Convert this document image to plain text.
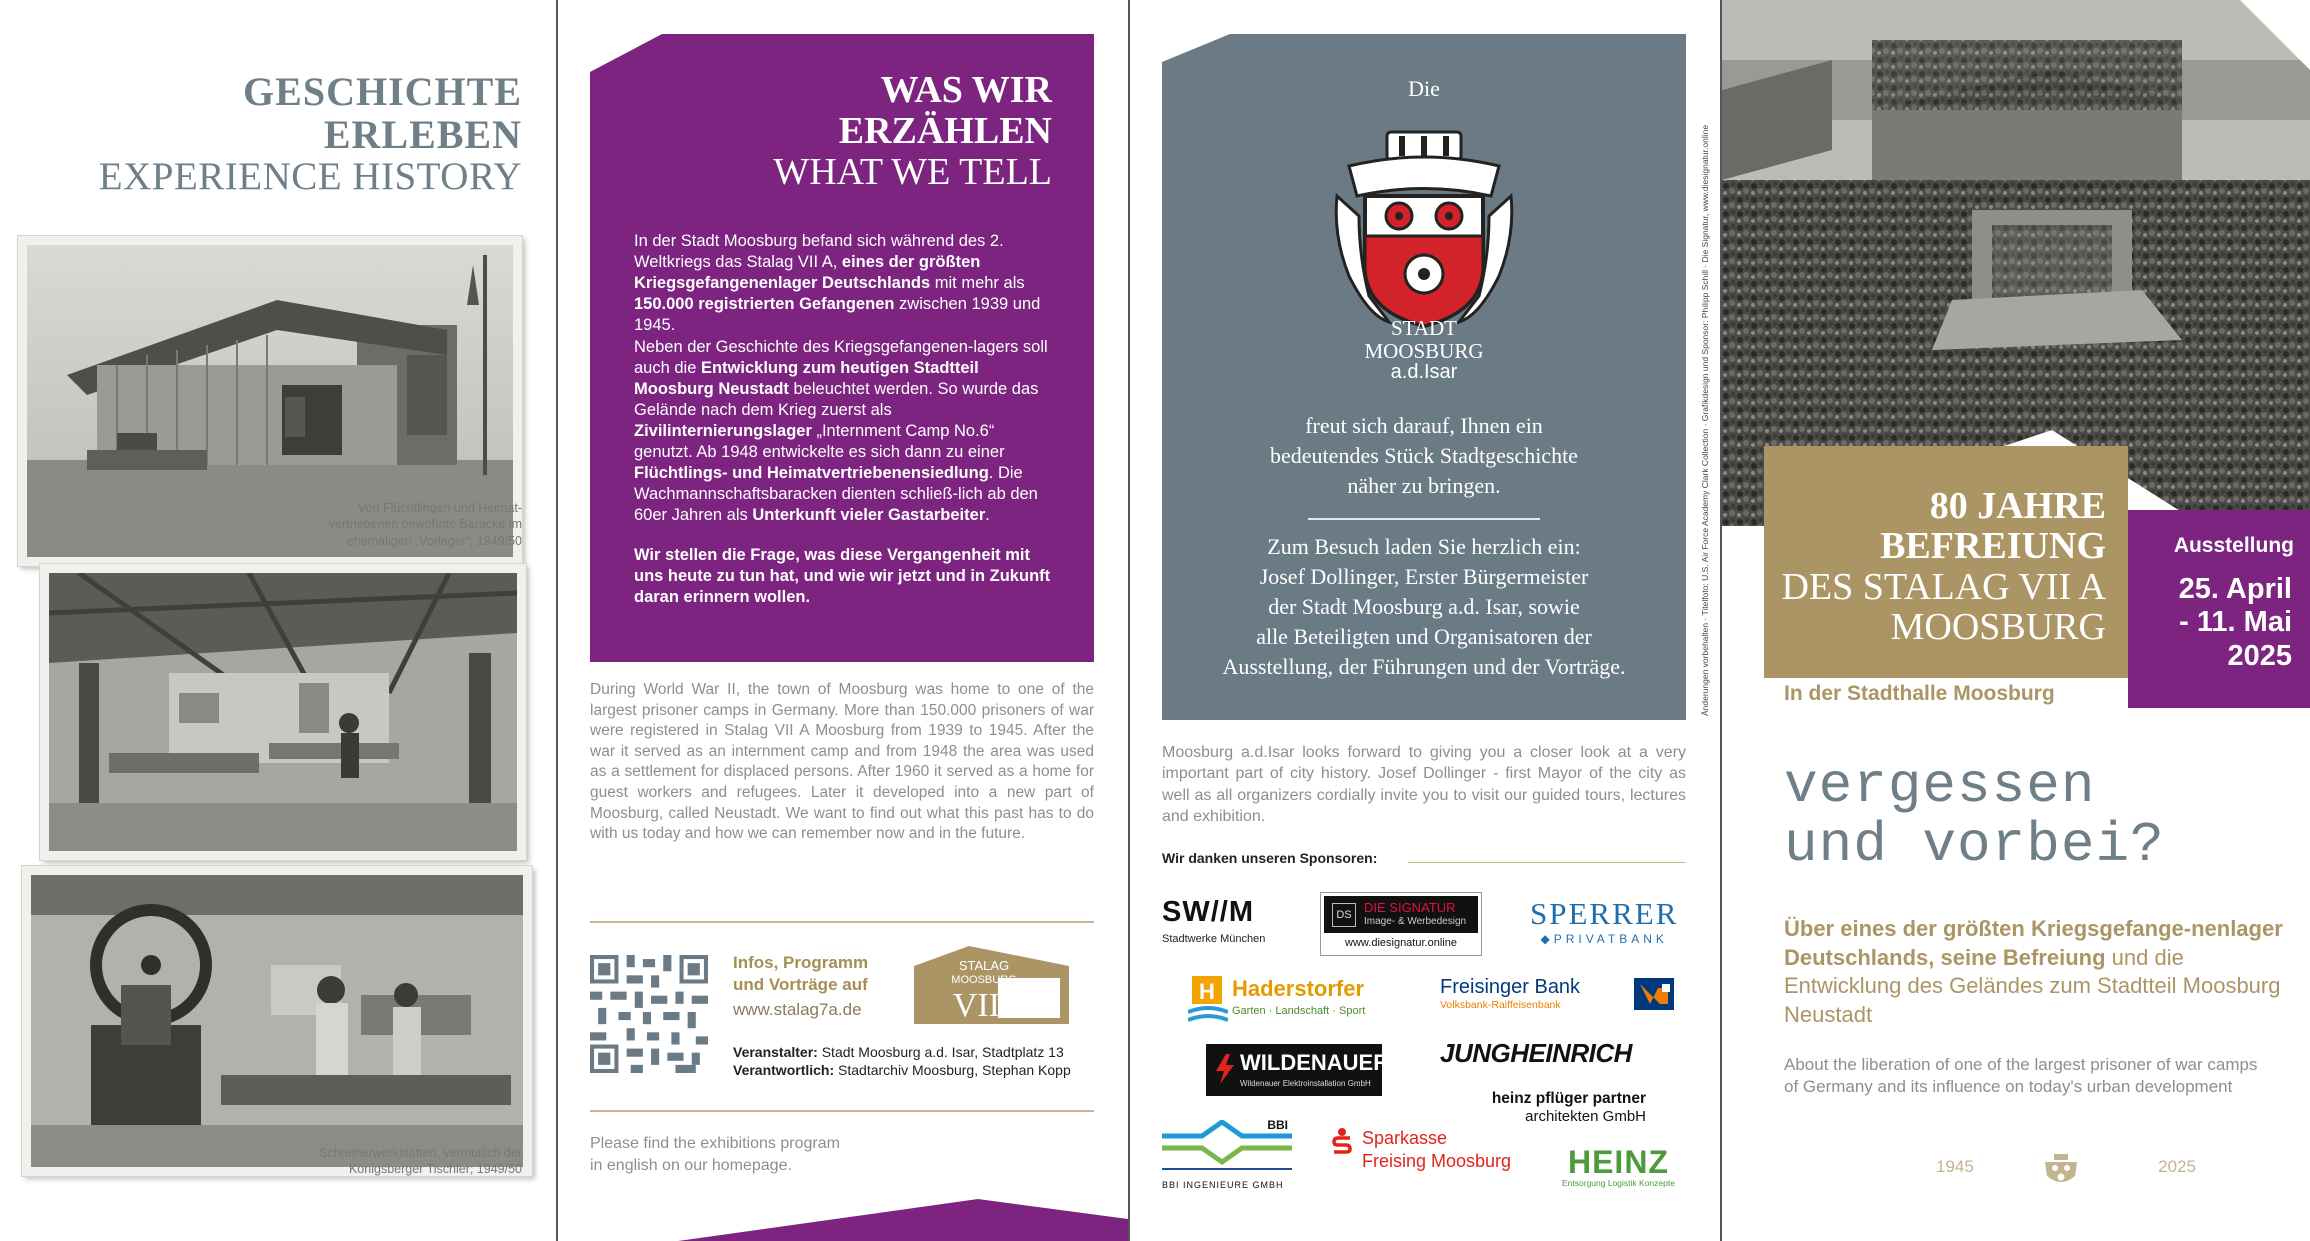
GESCHICHTE
ERLEBEN
EXPERIENCE HISTORY
Von Flüchtlingen und Heimat-
vertriebenen bewohnte Baracke im
ehemaligen „Vorlager“; 1949/50
Schreinerwerkstätten, vermutlich der
Königsberger Tischler; 1949/50
WAS WIR
ERZÄHLEN
WHAT WE TELL

In der Stadt Moosburg befand sich während des 2. Weltkriegs das Stalag VII A, eines der größten Kriegsgefangenenlager Deutschlands mit mehr als 150.000 registrierten Gefangenen zwischen 1939 und 1945.

Neben der Geschichte des Kriegsgefangenen-lagers soll auch die Entwicklung zum heutigen Stadtteil Moosburg Neustadt beleuchtet werden. So wurde das Gelände nach dem Krieg zuerst als Zivilinternierungslager „Internment Camp No.6“ genutzt. Ab 1948 entwickelte es sich dann zu einer Flüchtlings- und Heimatvertriebenensiedlung. Die Wachmannschaftsbaracken dienten schließ-lich ab den 60er Jahren als Unterkunft vieler Gastarbeiter.

Wir stellen die Frage, was diese Vergangenheit mit uns heute zu tun hat, und wie wir jetzt und in Zukunft daran erinnern wollen.

During World War II, the town of Moosburg was home to one of the largest prisoner camps in Germany. More than 150.000 prisoners of war were registered in Stalag VII A Moosburg from 1939 to 1945. After the war it served as an internment camp and from 1948 the area was used as a settlement for displaced persons. After 1960 it served as a home for guest workers and refugees. Later it developed into a new part of Moosburg, called Neustadt. We want to find out what this past has to do with us today and how we can remember now and in the future.
Infos, Programm
und Vorträge auf
www.stalag7a.de
STALAG
MOOSBURG
VII A
Veranstalter: Stadt Moosburg a.d. Isar, Stadtplatz 13
Verantwortlich: Stadtarchiv Moosburg, Stephan Kopp
Please find the exhibitions program
in english on our homepage.
Die
STADT
MOOSBURG
a.d.Isar
freut sich darauf, Ihnen ein
bedeutendes Stück Stadtgeschichte
näher zu bringen.
Zum Besuch laden Sie herzlich ein:
Josef Dollinger, Erster Bürgermeister
der Stadt Moosburg a.d. Isar, sowie
alle Beteiligten und Organisatoren der
Ausstellung, der Führungen und der Vorträge.
Moosburg a.d.Isar looks forward to giving you a closer look at a very important part of city history. Josef Dollinger - first Mayor of the city as well as all organizers cordially invite you to visit our guided tours, lectures and exhibition.
Wir danken unseren Sponsoren:
SW//M
Stadtwerke München
DS DIE SIGNATUR
Image- & Werbedesign
www.diesignatur.online
SPERRER
◆PRIVATBANK
H Haderstorfer
Garten · Landschaft · Sport
Freisinger Bank
Volksbank-Raiffeisenbank
WILDENAUER
Wildenauer Elektroinstallation GmbH
JUNGHEINRICH
heinz pflüger partner
architekten GmbH
BBI
BBI INGENIEURE GMBH
Sparkasse
Freising Moosburg HEINZ
Entsorgung Logistik Konzepte
Änderungen vorbehalten · Titelfoto: U.S. Air Force Academy Clark Collection · Grafikdesign und Sponsor: Philipp Schill · Die Signatur, www.diesignatur.online	80 JAHRE
BEFREIUNG
DES STALAG VII A
MOOSBURG
Ausstellung
25. April
- 11. Mai
2025
In der Stadthalle Moosburg
vergessen
und vorbei?
Über eines der größten Kriegsgefange-nenlager Deutschlands, seine Befreiung und die Entwicklung des Geländes zum Stadtteil Moosburg Neustadt
About the liberation of one of the largest prisoner of war camps of Germany and its influence on today's urban development
1945	2025
